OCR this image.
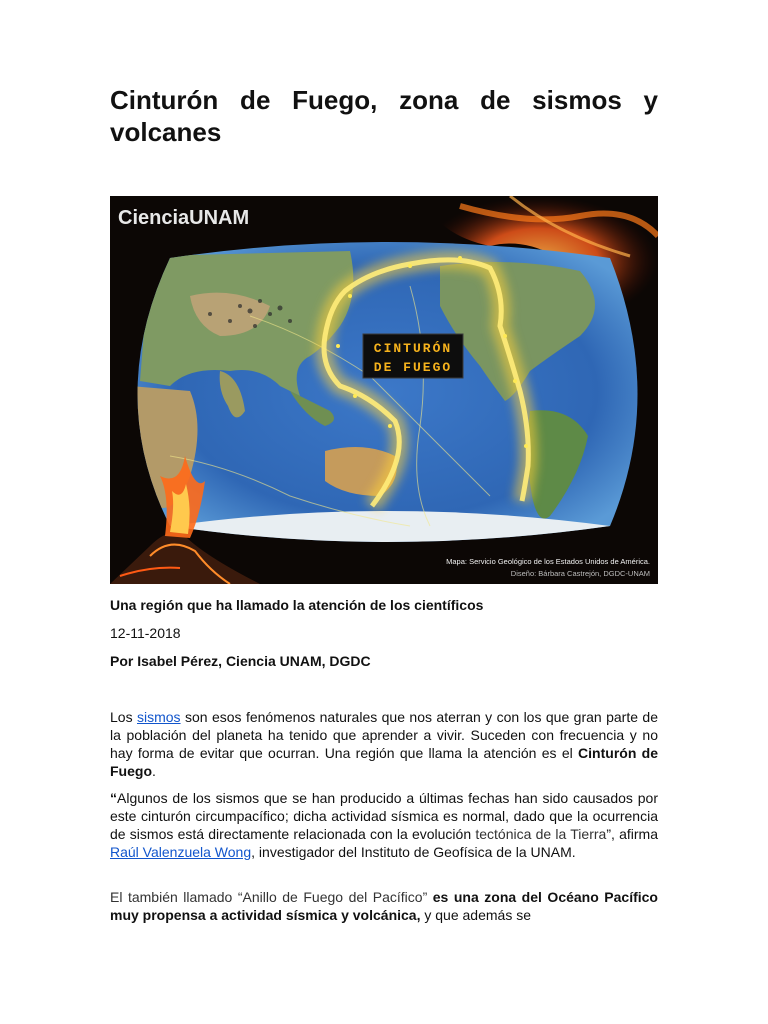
Cinturón de Fuego, zona de sismos y volcanes
CienciaUNAM
CINTURÓN
DE FUEGO
Mapa: Servicio Geológico de los Estados Unidos de América.
Diseño: Bárbara Castrejón, DGDC-UNAM

Una región que ha llamado la atención de los científicos

12-11-2018

Por Isabel Pérez, Ciencia UNAM, DGDC

Los sismos son esos fenómenos naturales que nos aterran y con los que gran parte de la población del planeta ha tenido que aprender a vivir. Suceden con frecuencia y no hay forma de evitar que ocurran. Una región que llama la atención es el Cinturón de Fuego.

“Algunos de los sismos que se han producido a últimas fechas han sido causados por este cinturón circumpacífico; dicha actividad sísmica es normal, dado que la ocurrencia de sismos está directamente relacionada con la evolución tectónica de la Tierra”, afirma Raúl Valenzuela Wong, investigador del Instituto de Geofísica de la UNAM.

El también llamado “Anillo de Fuego del Pacífico” es una zona del Océano Pacífico muy propensa a actividad sísmica y volcánica, y que además se
